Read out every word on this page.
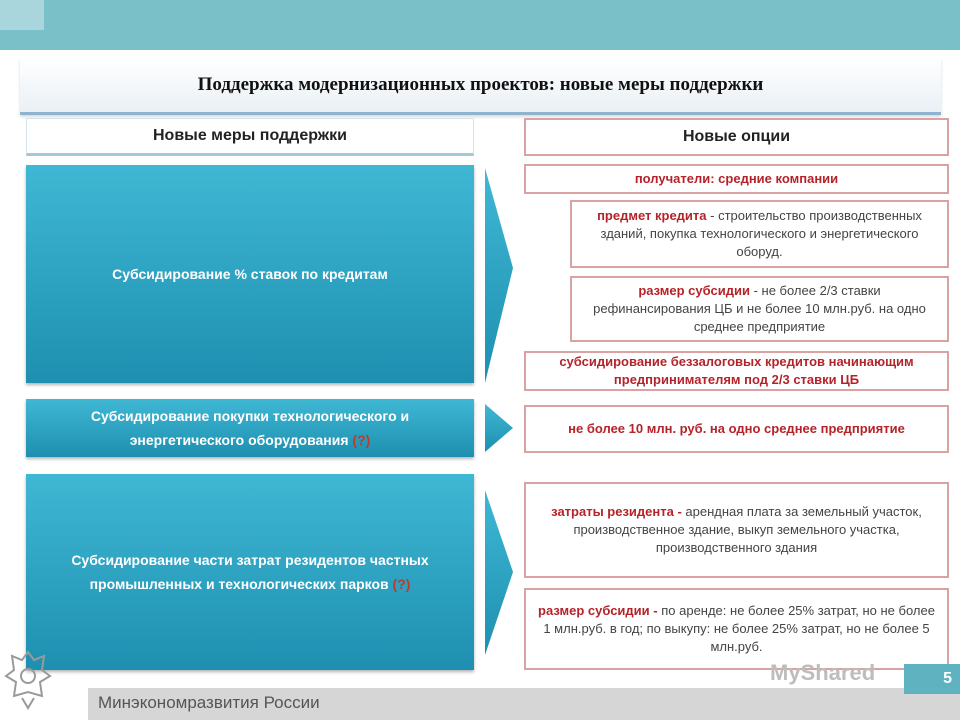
Поддержка модернизационных проектов: новые меры поддержки
Новые меры поддержки	Новые опции
Субсидирование % ставок по кредитам
Субсидирование покупки технологического и
энергетического оборудования (?)
Субсидирование части затрат резидентов частных
промышленных и технологических парков (?)
получатели: средние компании
предмет кредита - строительство производственных зданий, покупка технологического и энергетического оборуд.
размер субсидии - не более 2/3 ставки рефинансирования ЦБ и не более 10 млн.руб. на одно среднее предприятие
субсидирование беззалоговых кредитов начинающим предпринимателям под 2/3 ставки ЦБ
не более 10 млн. руб. на одно среднее предприятие
затраты резидента - арендная плата за земельный участок, производственное здание, выкуп земельного участка, производственного здания
размер субсидии - по аренде: не более 25% затрат, но не более 1 млн.руб. в год; по выкупу: не более 25% затрат, но не более 5 млн.руб.
Минэкономразвития России
MyShared	5
